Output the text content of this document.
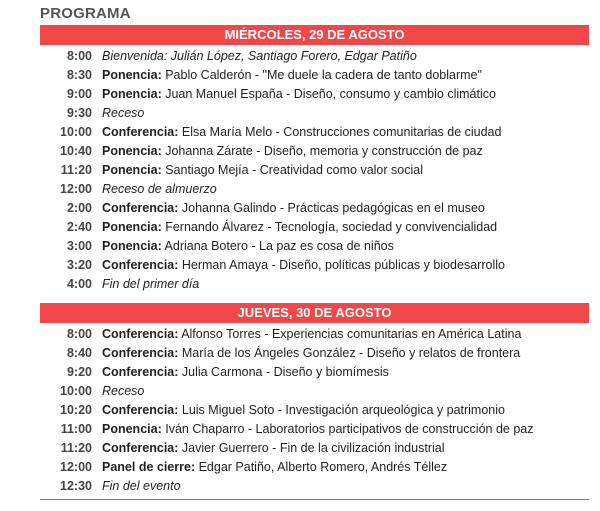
PROGRAMA
MIÉRCOLES, 29 DE AGOSTO
8:00 Bienvenida: Julián López, Santiago Forero, Edgar Patiño
8:30 Ponencia: Pablo Calderón - "Me duele la cadera de tanto doblarme"
9:00 Ponencia: Juan Manuel España - Diseño, consumo y cambio climático
9:30 Receso
10:00 Conferencia: Elsa María Melo - Construcciones comunitarias de ciudad
10:40 Ponencia: Johanna Zárate - Diseño, memoria y construcción de paz
11:20 Ponencia: Santiago Mejía - Creatividad como valor social
12:00 Receso de almuerzo
2:00 Conferencia: Johanna Galindo - Prácticas pedagógicas en el museo
2:40 Ponencia: Fernando Álvarez - Tecnología, sociedad y convivencialidad
3:00 Ponencia: Adriana Botero - La paz es cosa de niños
3:20 Conferencia: Herman Amaya - Diseño, políticas públicas y biodesarrollo
4:00 Fin del primer día
JUEVES, 30 DE AGOSTO
8:00 Conferencia: Alfonso Torres - Experiencias comunitarias en América Latina
8:40 Conferencia: María de los Ángeles González - Diseño y relatos de frontera
9:20 Conferencia: Julia Carmona - Diseño y biomímesis
10:00 Receso
10:20 Conferencia: Luis Miguel Soto - Investigación arqueológica y patrimonio
11:00 Ponencia: Iván Chaparro - Laboratorios participativos de construcción de paz
11:20 Conferencia: Javier Guerrero - Fin de la civilización industrial
12:00 Panel de cierre: Edgar Patiño, Alberto Romero, Andrés Téllez
12:30 Fin del evento
